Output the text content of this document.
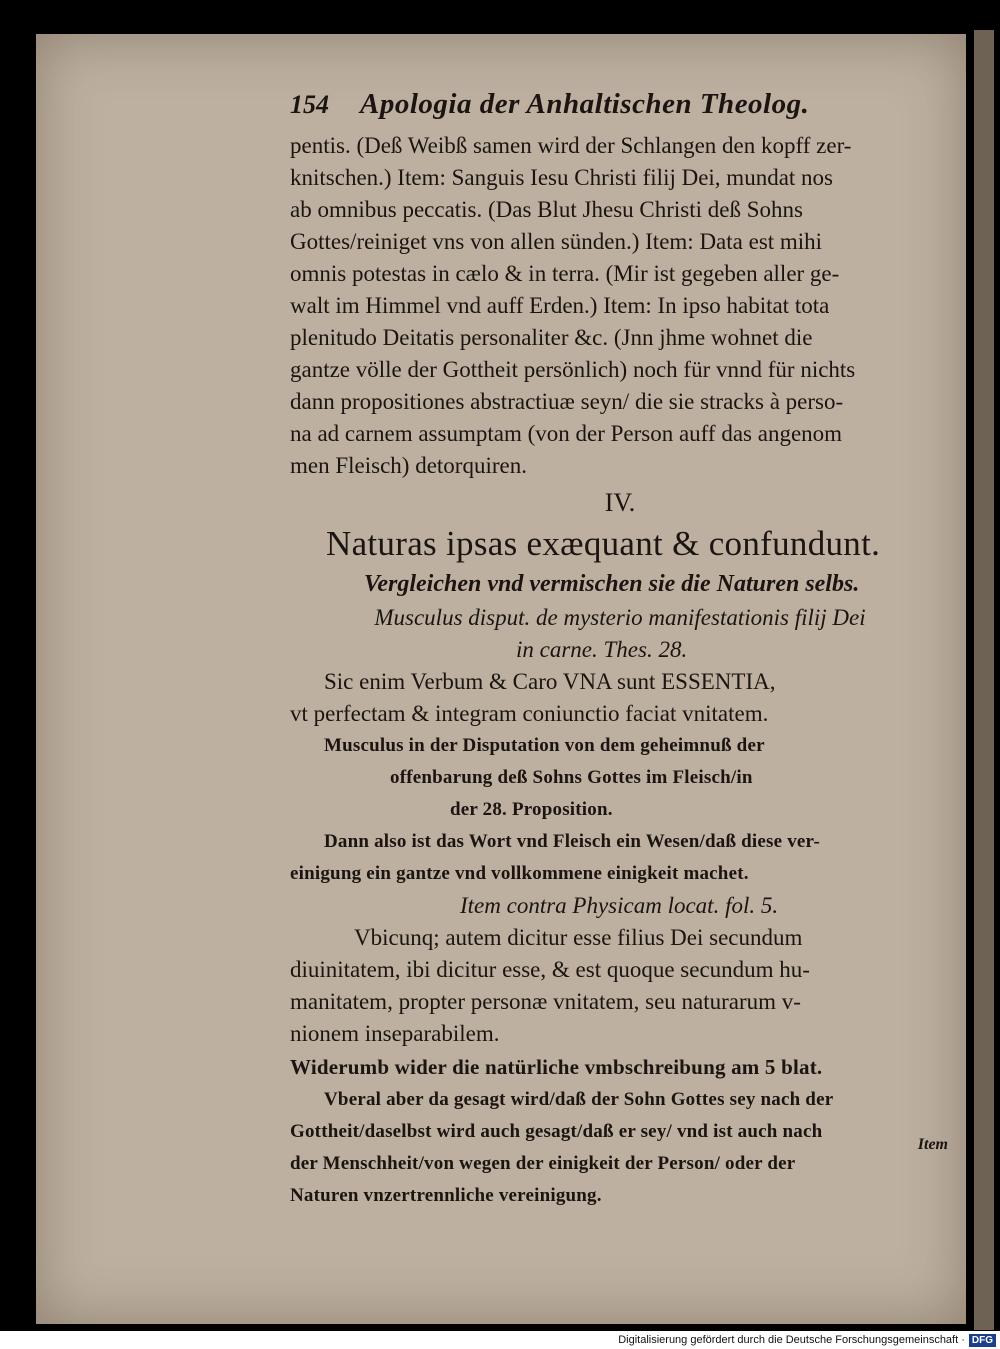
154	Apologia der Anhaltischen Theolog.
pentis. (Deß Weibß samen wird der Schlangen den kopff zer-
knitschen.) Item: Sanguis Iesu Christi filij Dei, mundat nos
ab omnibus peccatis. (Das Blut Jhesu Christi deß Sohns
Gottes/reiniget vns von allen sünden.) Item: Data est mihi
omnis potestas in cælo & in terra. (Mir ist gegeben aller ge-
walt im Himmel vnd auff Erden.) Item: In ipso habitat tota
plenitudo Deitatis personaliter &c. (Jnn jhme wohnet die
gantze völle der Gottheit persönlich) noch für vnnd für nichts
dann propositiones abstractiuæ seyn/ die sie stracks à perso-
na ad carnem assumptam (von der Person auff das angenom
men Fleisch) detorquiren.
IV.
Naturas ipsas exæquant & confundunt.
Vergleichen vnd vermischen sie die Naturen selbs.
Musculus disput. de mysterio manifestationis filij Dei
in carne. Thes. 28.
Sic enim Verbum & Caro VNA sunt ESSENTIA,
vt perfectam & integram coniunctio faciat vnitatem.
Musculus in der Disputation von dem geheimnuß der
offenbarung deß Sohns Gottes im Fleisch/in
der 28. Proposition.
Dann also ist das Wort vnd Fleisch ein Wesen/daß diese ver-
einigung ein gantze vnd vollkommene einigkeit machet.
Item contra Physicam locat. fol. 5.
Vbicunq; autem dicitur esse filius Dei secundum
diuinitatem, ibi dicitur esse, & est quoque secundum hu-
manitatem, propter personæ vnitatem, seu naturarum v-
nionem inseparabilem.
Widerumb wider die natürliche vmbschreibung am 5 blat.
Vberal aber da gesagt wird/daß der Sohn Gottes sey nach der
Gottheit/daselbst wird auch gesagt/daß er sey/ vnd ist auch nach
der Menschheit/von wegen der einigkeit der Person/ oder der
Naturen vnzertrennliche vereinigung.
Item
Digitalisierung gefördert durch die Deutsche Forschungsgemeinschaft · DFG
